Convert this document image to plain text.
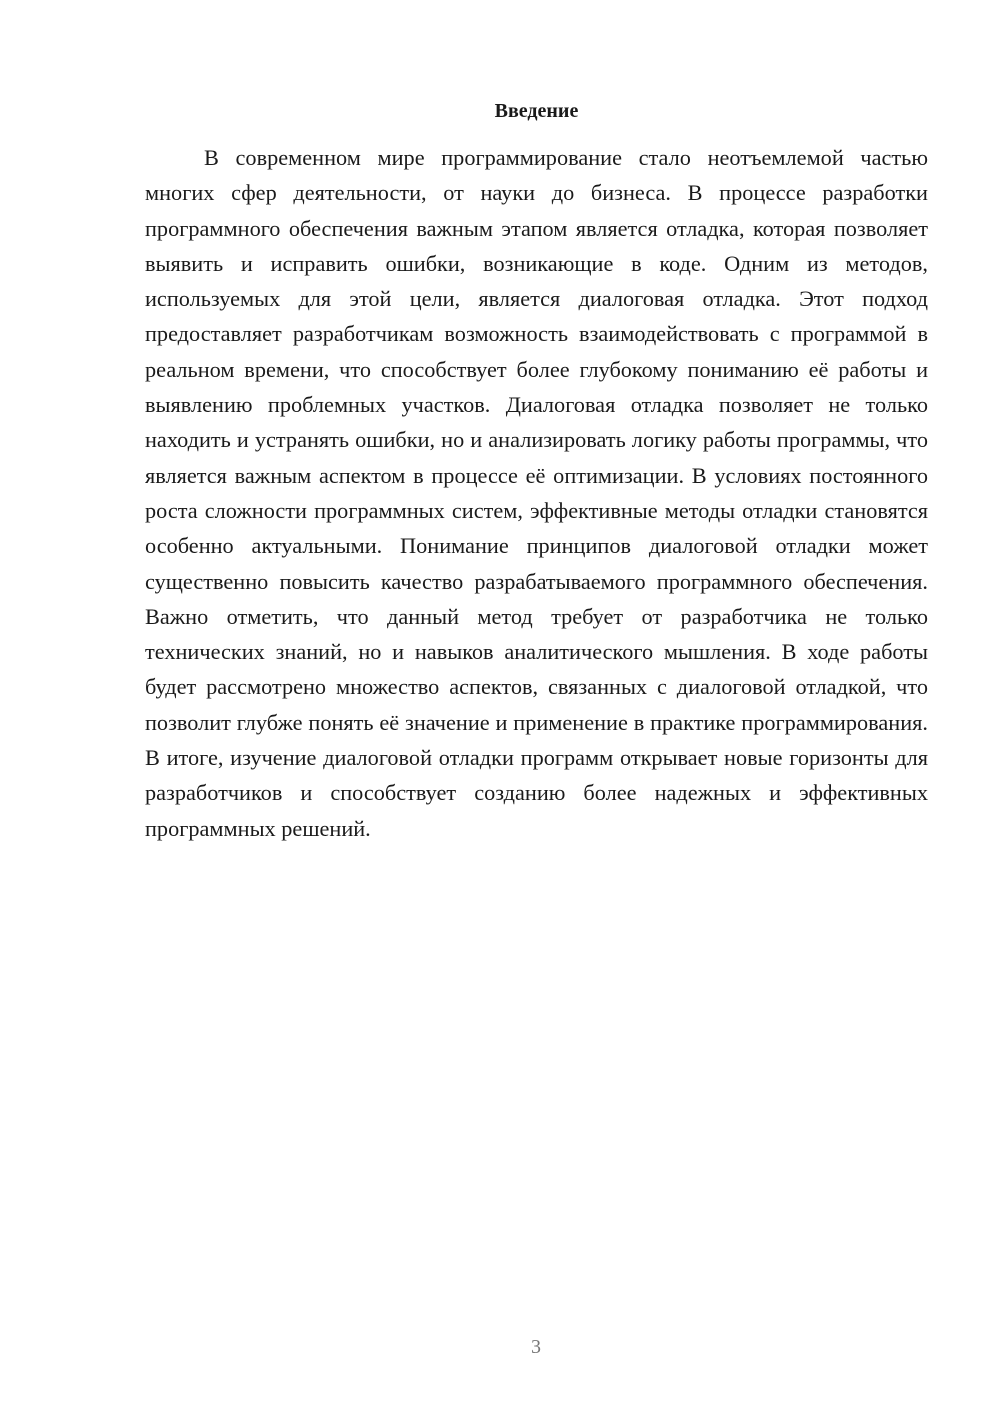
Введение

В современном мире программирование стало неотъемлемой частью многих сфер деятельности, от науки до бизнеса. В процессе разработки программного обеспечения важным этапом является отладка, которая позволяет выявить и исправить ошибки, возникающие в коде. Одним из методов, используемых для этой цели, является диалоговая отладка. Этот подход предоставляет разработчикам возможность взаимодействовать с программой в реальном времени, что способствует более глубокому пониманию её работы и выявлению проблемных участков. Диалоговая отладка позволяет не только находить и устранять ошибки, но и анализировать логику работы программы, что является важным аспектом в процессе её оптимизации. В условиях постоянного роста сложности программных систем, эффективные методы отладки становятся особенно актуальными. Понимание принципов диалоговой отладки может существенно повысить качество разрабатываемого программного обеспечения. Важно отметить, что данный метод требует от разработчика не только технических знаний, но и навыков аналитического мышления. В ходе работы будет рассмотрено множество аспектов, связанных с диалоговой отладкой, что позволит глубже понять её значение и применение в практике программирования. В итоге, изучение диалоговой отладки программ открывает новые горизонты для разработчиков и способствует созданию более надежных и эффективных программных решений.

3
